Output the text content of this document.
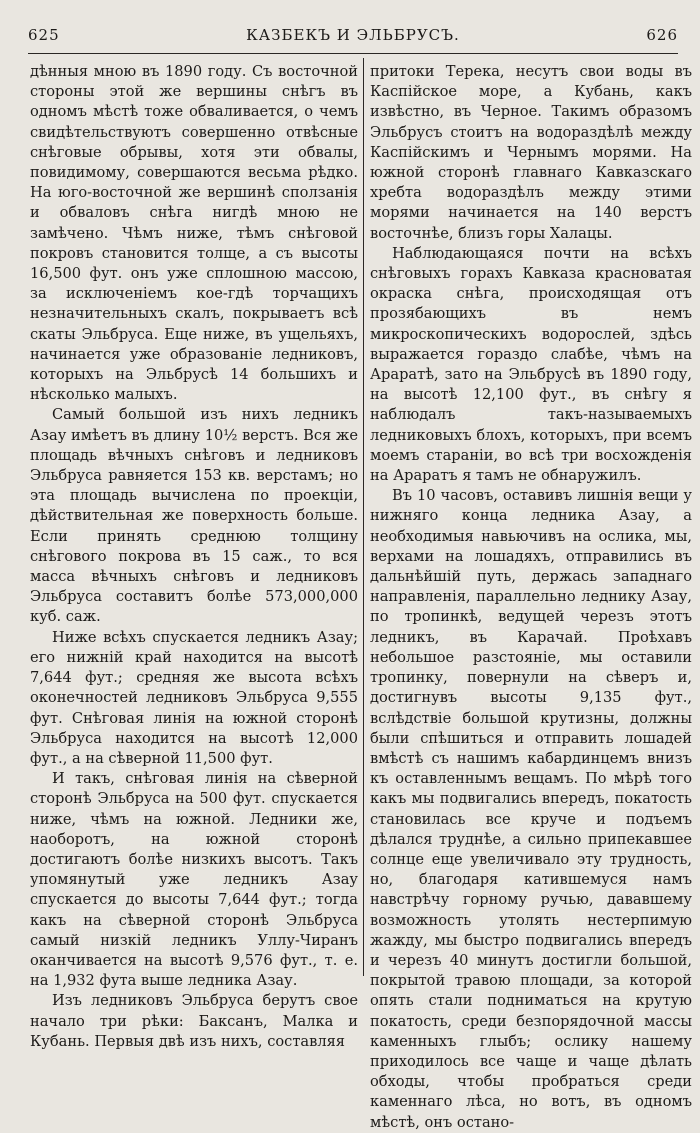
625	КАЗБЕКЪ И ЭЛЬБРУСЪ.	626

дѣнныя мною въ 1890 году. Съ восточной стороны этой же вершины снѣгъ въ одномъ мѣстѣ тоже обваливается, о чемъ свидѣтельствуютъ совершенно отвѣсные снѣговые обрывы, хотя эти обвалы, повидимому, совершаются весьма рѣдко. На юго-восточной же вершинѣ сползанія и обваловъ снѣга нигдѣ мною не замѣчено. Чѣмъ ниже, тѣмъ снѣговой покровъ становится толще, а съ высоты 16,500 фут. онъ уже сплошною массою, за исключеніемъ кое-гдѣ торчащихъ незначительныхъ скалъ, покрываетъ всѣ скаты Эльбруса. Еще ниже, въ ущельяхъ, начинается уже образованіе ледниковъ, которыхъ на Эльбрусѣ 14 большихъ и нѣсколько малыхъ.

Самый большой изъ нихъ ледникъ Азау имѣетъ въ длину 10½ верстъ. Вся же площадь вѣчныхъ снѣговъ и ледниковъ Эльбруса равняется 153 кв. верстамъ; но эта площадь вычислена по проекціи, дѣйствительная же поверхность больше. Если принять среднюю толщину снѣгового покрова въ 15 саж., то вся масса вѣчныхъ снѣговъ и ледниковъ Эльбруса составитъ болѣе 573,000,000 куб. саж.

Ниже всѣхъ спускается ледникъ Азау; его нижній край находится на высотѣ 7,644 фут.; средняя же высота всѣхъ оконечностей ледниковъ Эльбруса 9,555 фут. Снѣговая линія на южной сторонѣ Эльбруса находится на высотѣ 12,000 фут., а на сѣверной 11,500 фут.

И такъ, снѣговая линія на сѣверной сторонѣ Эльбруса на 500 фут. спускается ниже, чѣмъ на южной. Ледники же, наоборотъ, на южной сторонѣ достигаютъ болѣе низкихъ высотъ. Такъ упомянутый уже ледникъ Азау спускается до высоты 7,644 фут.; тогда какъ на сѣверной сторонѣ Эльбруса самый низкій ледникъ Уллу-Чиранъ оканчивается на высотѣ 9,576 фут., т. е. на 1,932 фута выше ледника Азау.

Изъ ледниковъ Эльбруса берутъ свое начало три рѣки: Баксанъ, Малка и Кубань. Первыя двѣ изъ нихъ, составляя

притоки Терека, несутъ свои воды въ Каспійское море, а Кубань, какъ извѣстно, въ Черное. Такимъ образомъ Эльбрусъ стоитъ на водораздѣлѣ между Каспійскимъ и Чернымъ морями. На южной сторонѣ главнаго Кавказскаго хребта водораздѣлъ между этими морями начинается на 140 верстъ восточнѣе, близъ горы Халацы.

Наблюдающаяся почти на всѣхъ снѣговыхъ горахъ Кавказа красноватая окраска снѣга, происходящая отъ прозябающихъ въ немъ микроскопическихъ водорослей, здѣсь выражается гораздо слабѣе, чѣмъ на Араратѣ, зато на Эльбрусѣ въ 1890 году, на высотѣ 12,100 фут., въ снѣгу я наблюдалъ такъ-называемыхъ ледниковыхъ блохъ, которыхъ, при всемъ моемъ стараніи, во всѣ три восхожденія на Араратъ я тамъ не обнаружилъ.

Въ 10 часовъ, оставивъ лишнія вещи у нижняго конца ледника Азау, а необходимыя навьючивъ на ослика, мы, верхами на лошадяхъ, отправились въ дальнѣйшій путь, держась западнаго направленія, параллельно леднику Азау, по тропинкѣ, ведущей черезъ этотъ ледникъ, въ Карачай. Проѣхавъ небольшое разстояніе, мы оставили тропинку, повернули на сѣверъ и, достигнувъ высоты 9,135 фут., вслѣдствіе большой крутизны, должны были спѣшиться и отправить лошадей вмѣстѣ съ нашимъ кабардинцемъ внизъ къ оставленнымъ вещамъ. По мѣрѣ того какъ мы подвигались впередъ, покатость становилась все круче и подъемъ дѣлался труднѣе, а сильно припекавшее солнце еще увеличивало эту трудность, но, благодаря катившемуся намъ навстрѣчу горному ручью, дававшему возможность утолять нестерпимую жажду, мы быстро подвигались впередъ и черезъ 40 минутъ достигли большой, покрытой травою площади, за которой опять стали подниматься на крутую покатость, среди безпорядочной массы каменныхъ глыбъ; ослику нашему приходилось все чаще и чаще дѣлать обходы, чтобы пробраться среди каменнаго лѣса, но вотъ, въ одномъ мѣстѣ, онъ остано-
